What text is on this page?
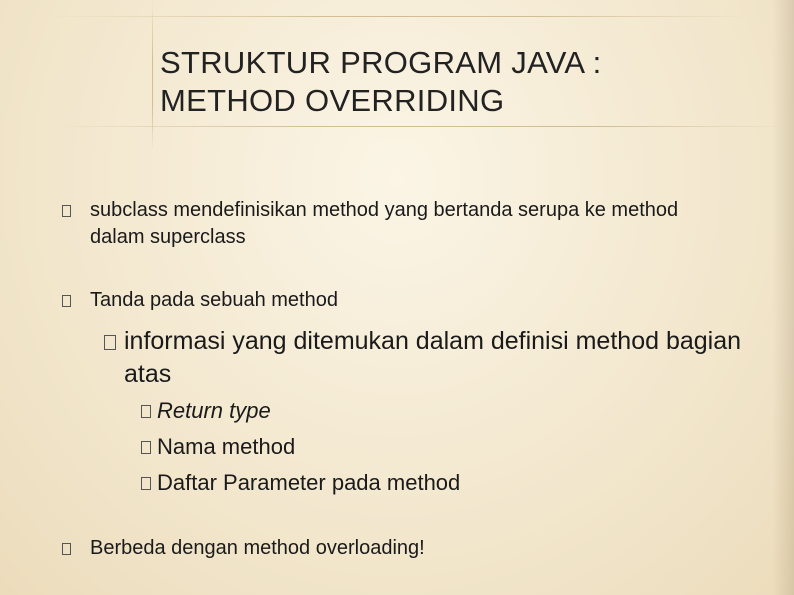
STRUKTUR PROGRAM JAVA :
METHOD OVERRIDING
subclass mendefinisikan method yang bertanda serupa ke method dalam superclass
Tanda pada sebuah method
informasi yang ditemukan dalam definisi method bagian atas
Return type
Nama method
Daftar Parameter pada method
Berbeda dengan method overloading!
